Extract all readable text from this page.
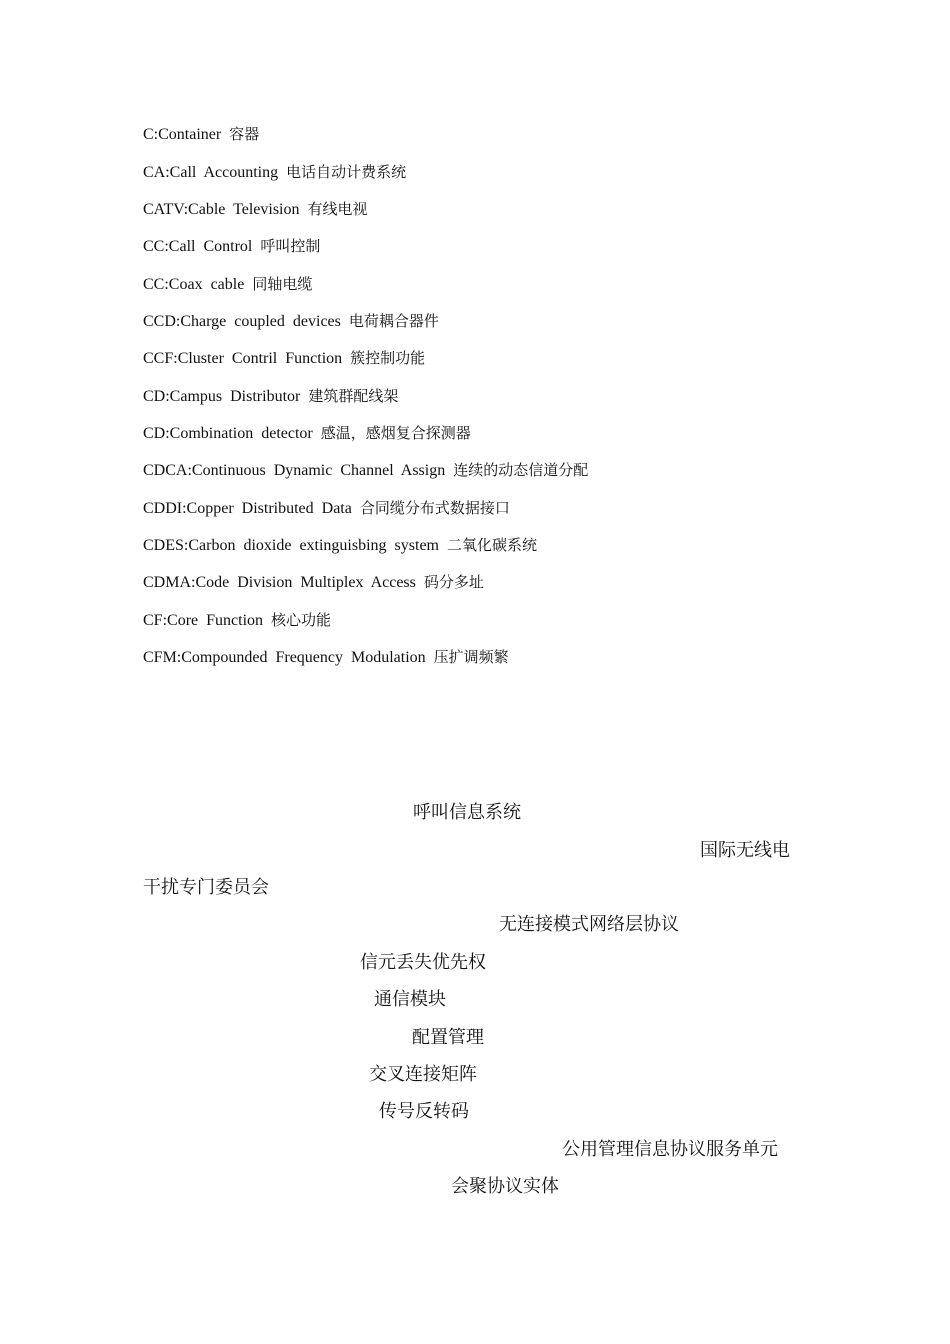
C:Container 容器
CA:Call Accounting 电话自动计费系统
CATV:Cable Television 有线电视
CC:Call Control 呼叫控制
CC:Coax cable 同轴电缆
CCD:Charge coupled devices 电荷耦合器件
CCF:Cluster Contril Function 簇控制功能
CD:Campus Distributor 建筑群配线架
CD:Combination detector 感温，感烟复合探测器
CDCA:Continuous Dynamic Channel Assign 连续的动态信道分配
CDDI:Copper Distributed Data 合同缆分布式数据接口
CDES:Carbon dioxide extinguisbing system 二氧化碳系统
CDMA:Code Division Multiplex Access 码分多址
CF:Core Function 核心功能
CFM:Compounded Frequency Modulation 压扩调频繁
呼叫信息系统
国际无线电
干扰专门委员会
无连接模式网络层协议
信元丢失优先权
通信模块
配置管理
交叉连接矩阵
传号反转码
公用管理信息协议服务单元
会聚协议实体
